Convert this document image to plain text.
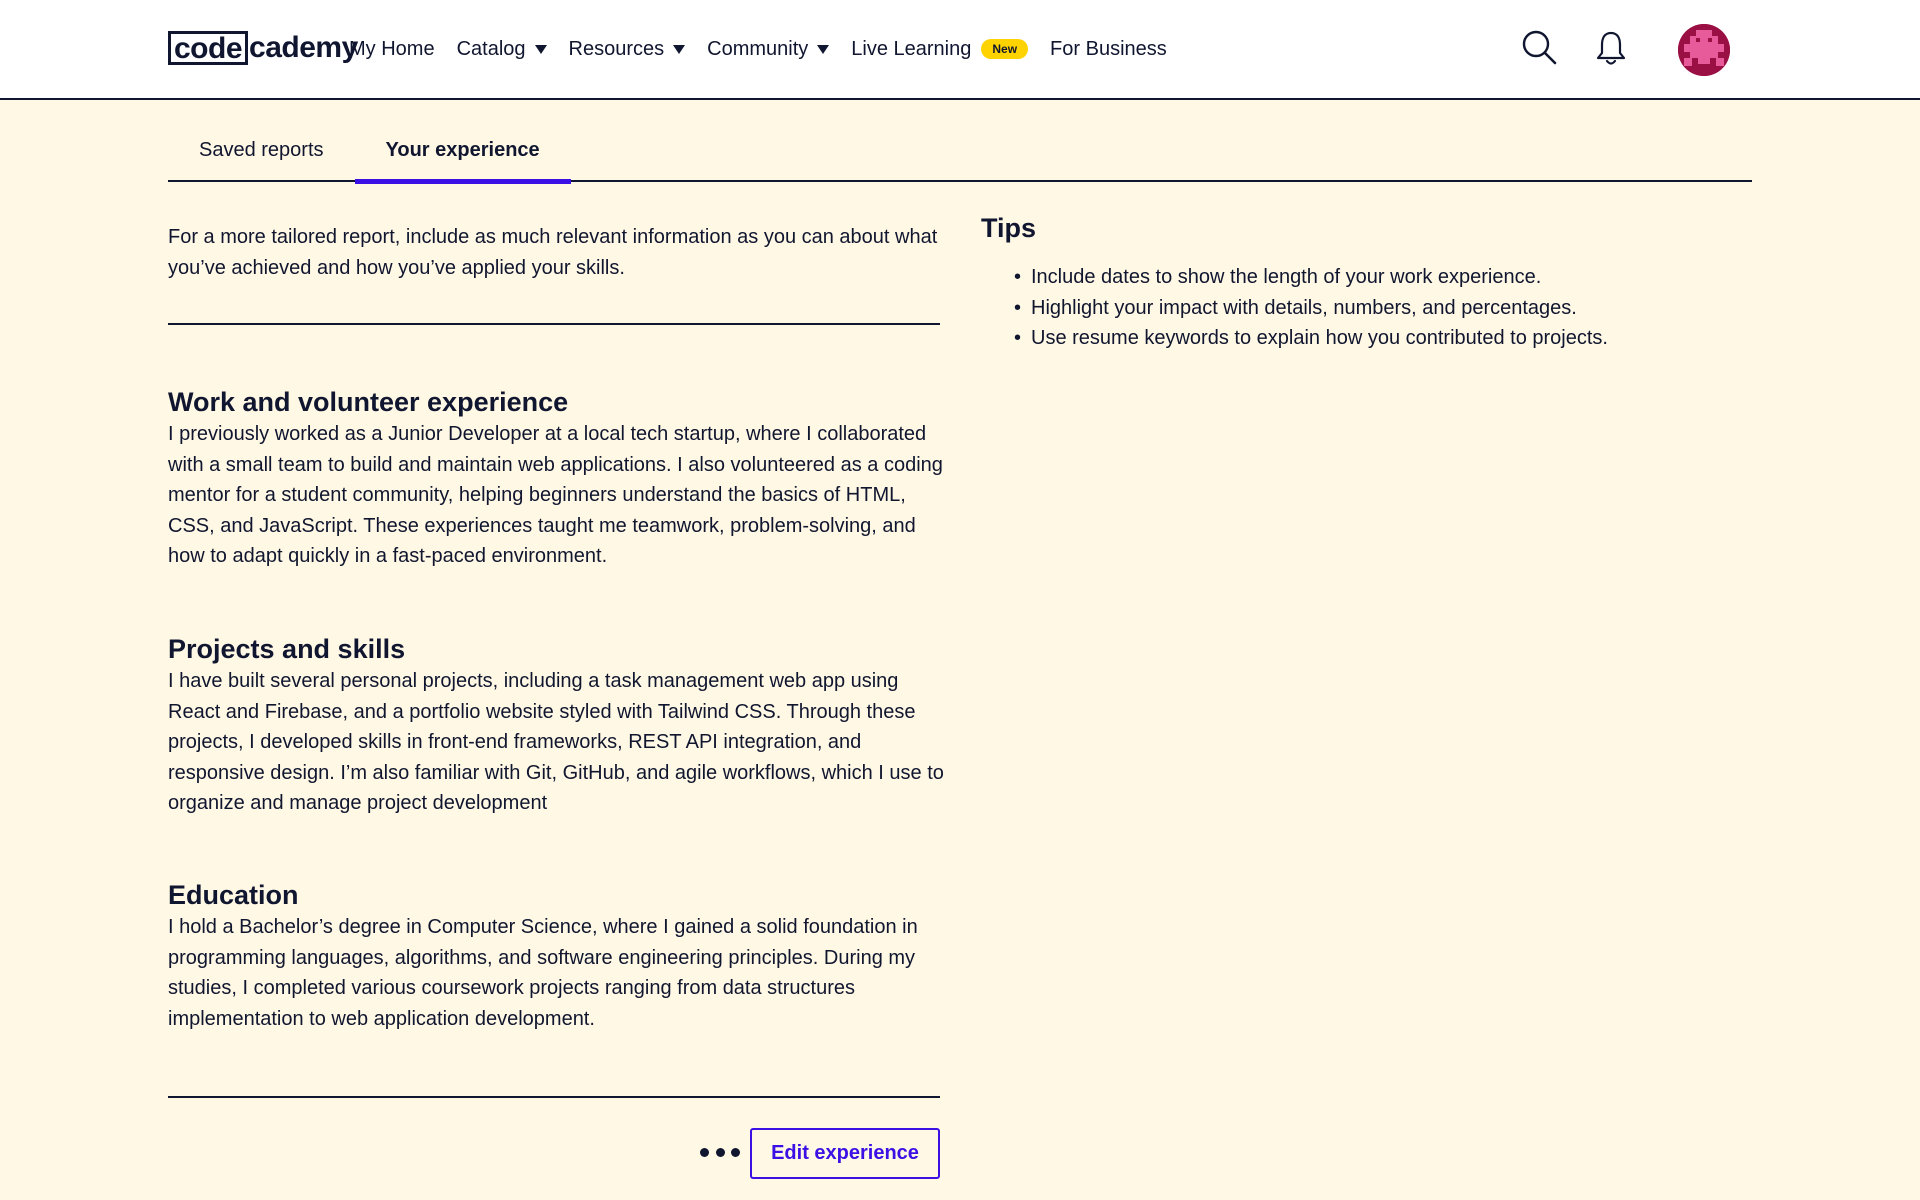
code cademy
My Home Catalog Resources Community Live Learning	New	For Business
Saved reports	Your experience

For a more tailored report, include as much relevant information as you can about what you’ve achieved and how you’ve applied your skills.

Work and volunteer experience

I previously worked as a Junior Developer at a local tech startup, where I collaborated with a small team to build and maintain web applications. I also volunteered as a coding mentor for a student community, helping beginners understand the basics of HTML, CSS, and JavaScript. These experiences taught me teamwork, problem-solving, and how to adapt quickly in a fast-paced environment.

Projects and skills

I have built several personal projects, including a task management web app using React and Firebase, and a portfolio website styled with Tailwind CSS. Through these projects, I developed skills in front-end frameworks, REST API integration, and responsive design. I’m also familiar with Git, GitHub, and agile workflows, which I use to organize and manage project development

Education

I hold a Bachelor’s degree in Computer Science, where I gained a solid foundation in programming languages, algorithms, and software engineering principles. During my studies, I completed various coursework projects ranging from data structures implementation to web application development.

Tips
• Include dates to show the length of your work experience.
• Highlight your impact with details, numbers, and percentages.
• Use resume keywords to explain how you contributed to projects.
Edit experience
